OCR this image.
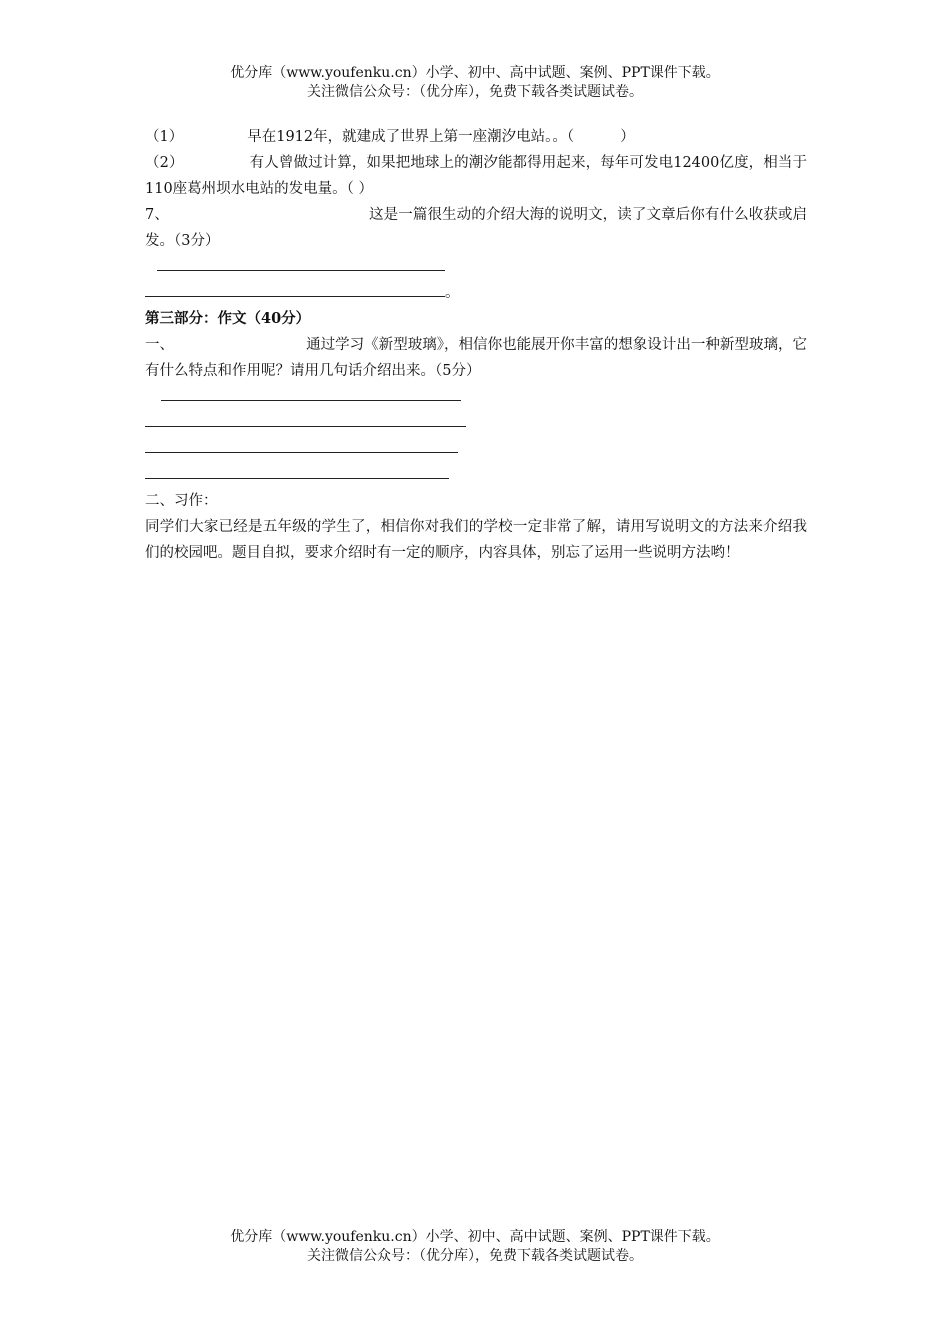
优分库（www.youfenku.cn）小学、初中、高中试题、案例、PPT课件下载。
关注微信公众号：（优分库），免费下载各类试题试卷。
（1）	早在1912年，就建成了世界上第一座潮汐电站。。（          ）
（2）	有人曾做过计算，如果把地球上的潮汐能都得用起来，每年可发电12400亿度，相当于110座葛州坝水电站的发电量。（ ）
7、	这是一篇很生动的介绍大海的说明文，读了文章后你有什么收获或启发。（3分）
。
第三部分：作文（40分）
一、	通过学习《新型玻璃》，相信你也能展开你丰富的想象设计出一种新型玻璃，它有什么特点和作用呢？请用几句话介绍出来。（5分）
二、习作：
同学们大家已经是五年级的学生了，相信你对我们的学校一定非常了解，请用写说明文的方法来介绍我们的校园吧。题目自拟，要求介绍时有一定的顺序，内容具体，别忘了运用一些说明方法哟！
优分库（www.youfenku.cn）小学、初中、高中试题、案例、PPT课件下载。
关注微信公众号：（优分库），免费下载各类试题试卷。
